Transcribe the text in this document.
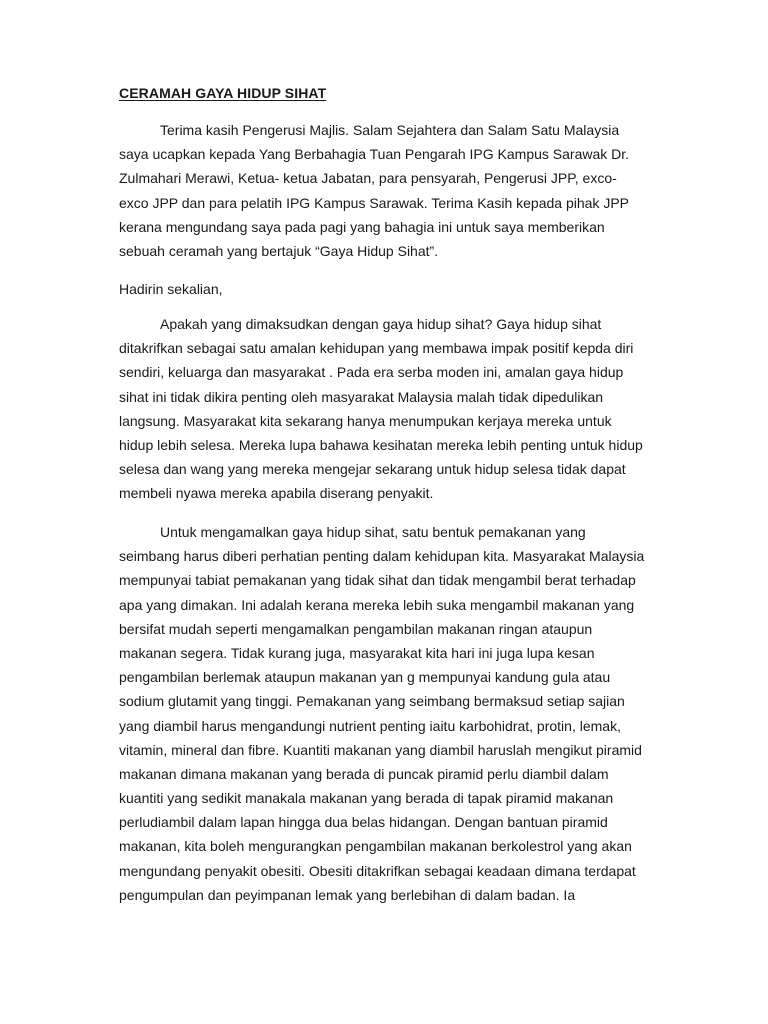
CERAMAH GAYA HIDUP SIHAT

Terima kasih Pengerusi Majlis. Salam Sejahtera dan Salam Satu Malaysia
saya ucapkan kepada Yang Berbahagia Tuan Pengarah IPG Kampus Sarawak Dr.
Zulmahari Merawi, Ketua- ketua Jabatan, para pensyarah, Pengerusi JPP, exco-
exco JPP dan para pelatih IPG Kampus Sarawak. Terima Kasih kepada pihak JPP
kerana mengundang saya pada pagi yang bahagia ini untuk saya memberikan
sebuah ceramah yang bertajuk “Gaya Hidup Sihat”.

Hadirin sekalian,

Apakah yang dimaksudkan dengan gaya hidup sihat? Gaya hidup sihat
ditakrifkan sebagai satu amalan kehidupan yang membawa impak positif kepda diri
sendiri, keluarga dan masyarakat . Pada era serba moden ini, amalan gaya hidup
sihat ini tidak dikira penting oleh masyarakat Malaysia malah tidak dipedulikan
langsung. Masyarakat kita sekarang hanya menumpukan kerjaya mereka untuk
hidup lebih selesa. Mereka lupa bahawa kesihatan mereka lebih penting untuk hidup
selesa dan wang yang mereka mengejar sekarang untuk hidup selesa tidak dapat
membeli nyawa mereka apabila diserang penyakit.

Untuk mengamalkan gaya hidup sihat, satu bentuk pemakanan yang
seimbang harus diberi perhatian penting dalam kehidupan kita. Masyarakat Malaysia
mempunyai tabiat pemakanan yang tidak sihat dan tidak mengambil berat terhadap
apa yang dimakan. Ini adalah kerana mereka lebih suka mengambil makanan yang
bersifat mudah seperti mengamalkan pengambilan makanan ringan ataupun
makanan segera. Tidak kurang juga, masyarakat kita hari ini juga lupa kesan
pengambilan berlemak ataupun makanan yan g mempunyai kandung gula atau
sodium glutamit yang tinggi. Pemakanan yang seimbang bermaksud setiap sajian
yang diambil harus mengandungi nutrient penting iaitu karbohidrat, protin, lemak,
vitamin, mineral dan fibre. Kuantiti makanan yang diambil haruslah mengikut piramid
makanan dimana makanan yang berada di puncak piramid perlu diambil dalam
kuantiti yang sedikit manakala makanan yang berada di tapak piramid makanan
perludiambil dalam lapan hingga dua belas hidangan. Dengan bantuan piramid
makanan, kita boleh mengurangkan pengambilan makanan berkolestrol yang akan
mengundang penyakit obesiti. Obesiti ditakrifkan sebagai keadaan dimana terdapat
pengumpulan dan peyimpanan lemak yang berlebihan di dalam badan. Ia
